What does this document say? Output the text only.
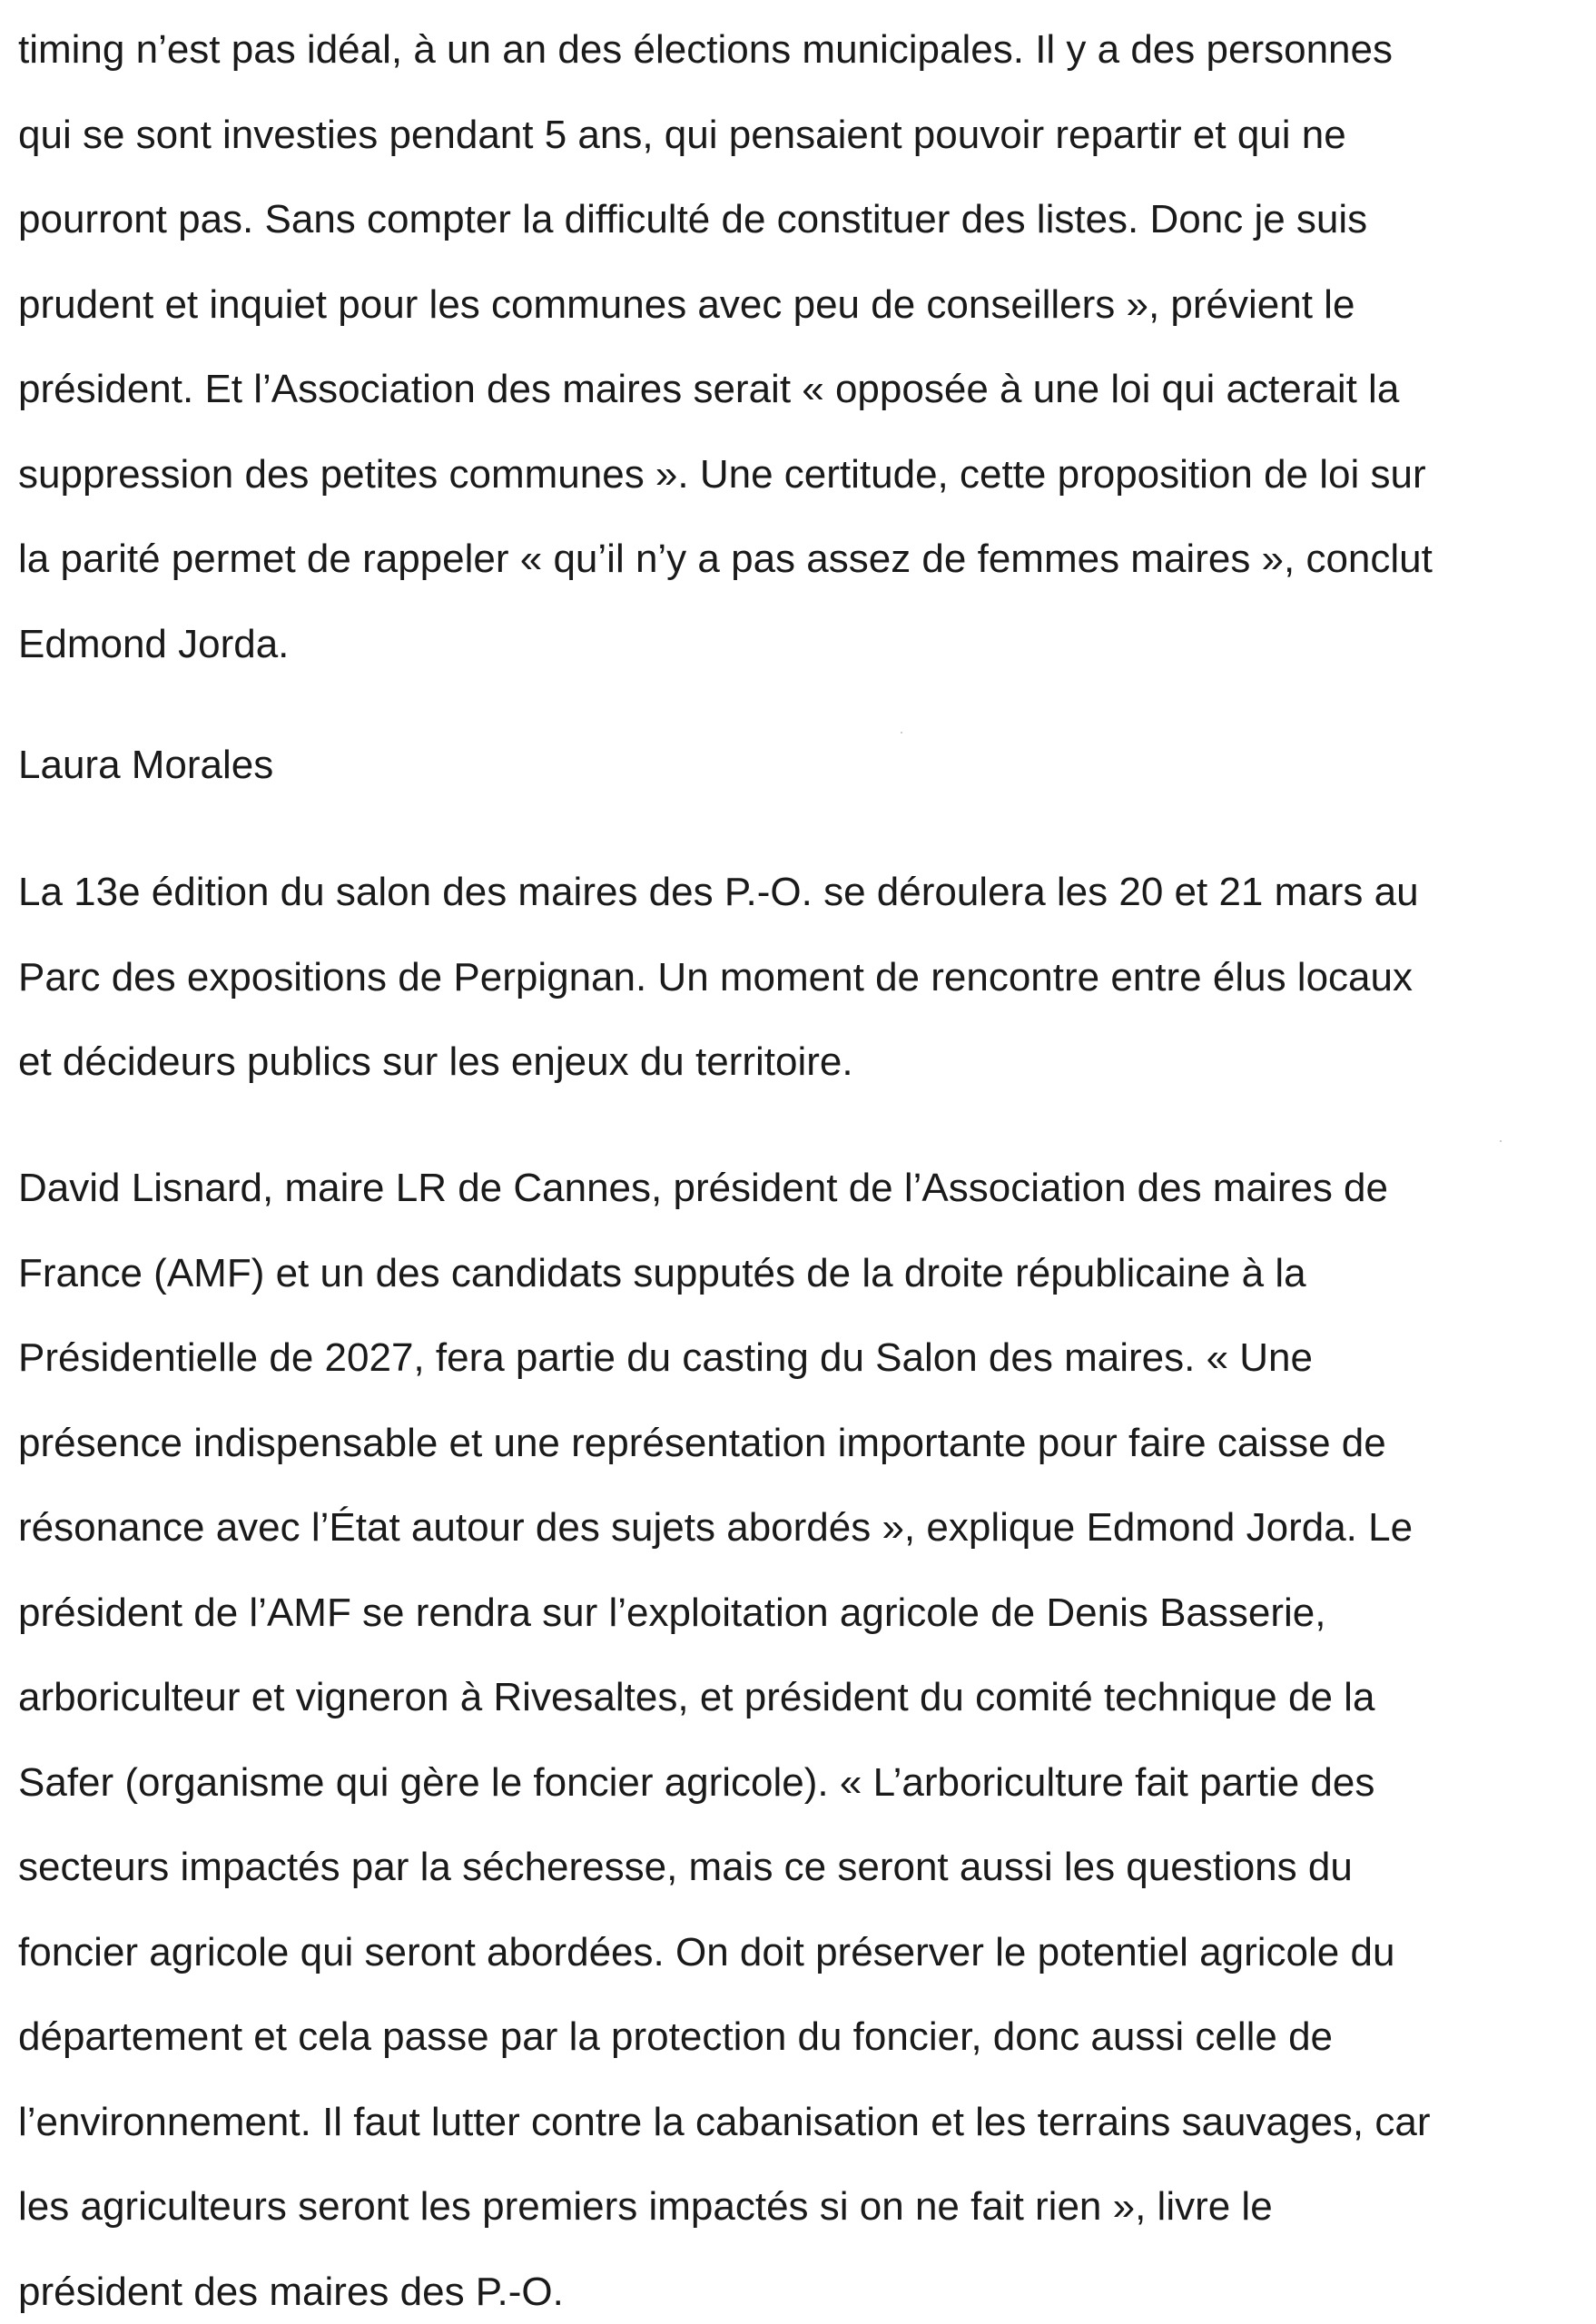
timing n’est pas idéal, à un an des élections municipales. Il y a des personnes
qui se sont investies pendant 5 ans, qui pensaient pouvoir repartir et qui ne
pourront pas. Sans compter la difficulté de constituer des listes. Donc je suis
prudent et inquiet pour les communes avec peu de conseillers », prévient le
président. Et l’Association des maires serait « opposée à une loi qui acterait la
suppression des petites communes ». Une certitude, cette proposition de loi sur
la parité permet de rappeler « qu’il n’y a pas assez de femmes maires », conclut
Edmond Jorda.

Laura Morales

La 13e édition du salon des maires des P.-O. se déroulera les 20 et 21 mars au
Parc des expositions de Perpignan. Un moment de rencontre entre élus locaux
et décideurs publics sur les enjeux du territoire.

David Lisnard, maire LR de Cannes, président de l’Association des maires de
France (AMF) et un des candidats supputés de la droite républicaine à la
Présidentielle de 2027, fera partie du casting du Salon des maires. « Une
présence indispensable et une représentation importante pour faire caisse de
résonance avec l’État autour des sujets abordés », explique Edmond Jorda. Le
président de l’AMF se rendra sur l’exploitation agricole de Denis Basserie,
arboriculteur et vigneron à Rivesaltes, et président du comité technique de la
Safer (organisme qui gère le foncier agricole). « L’arboriculture fait partie des
secteurs impactés par la sécheresse, mais ce seront aussi les questions du
foncier agricole qui seront abordées. On doit préserver le potentiel agricole du
département et cela passe par la protection du foncier, donc aussi celle de
l’environnement. Il faut lutter contre la cabanisation et les terrains sauvages, car
les agriculteurs seront les premiers impactés si on ne fait rien », livre le
président des maires des P.-O.
